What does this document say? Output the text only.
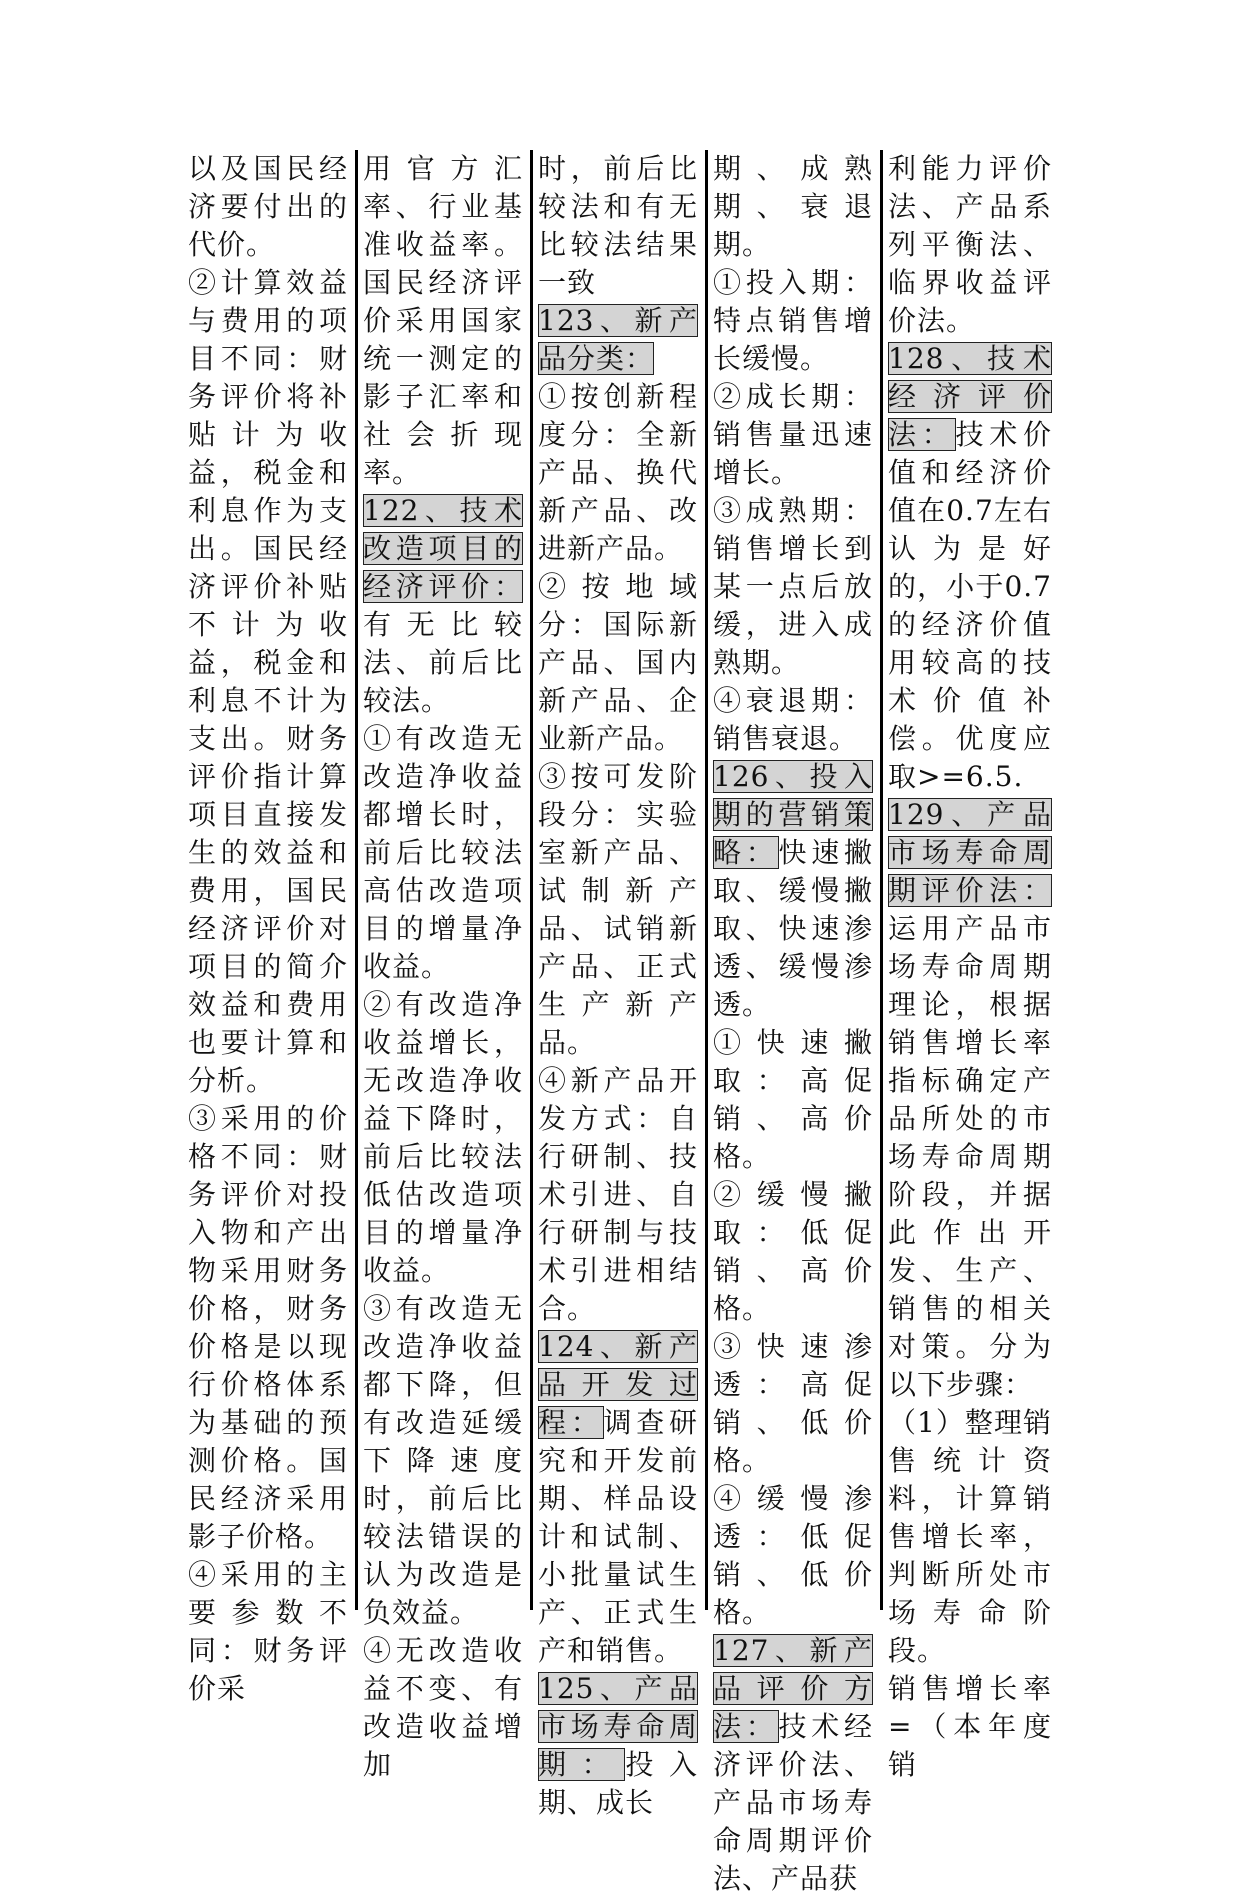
以及国民经济要付出的代价。

②计算效益与费用的项目不同：财务评价将补贴计为收益，税金和利息作为支出。国民经济评价补贴不计为收益，税金和利息不计为支出。财务评价指计算项目直接发生的效益和费用，国民经济评价对项目的简介效益和费用也要计算和分析。

③采用的价格不同：财务评价对投入物和产出物采用财务价格，财务价格是以现行价格体系为基础的预测价格。国民经济采用影子价格。

④采用的主要参数不同：财务评价采

用官方汇率、行业基准收益率。国民经济评价采用国家统一测定的影子汇率和社会折现率。

122、技术改造项目的经济评价：有无比较法、前后比较法。

①有改造无改造净收益都增长时，前后比较法高估改造项目的增量净收益。

②有改造净收益增长，无改造净收益下降时，前后比较法低估改造项目的增量净收益。

③有改造无改造净收益都下降，但有改造延缓下降速度时，前后比较法错误的认为改造是负效益。

④无改造收益不变、有改造收益增加

时，前后比较法和有无比较法结果一致

123、新产品分类：

①按创新程度分：全新产品、换代新产品、改进新产品。

②按地域分：国际新产品、国内新产品、企业新产品。

③按可发阶段分：实验室新产品、试制新产品、试销新产品、正式生产新产品。

④新产品开发方式：自行研制、技术引进、自行研制与技术引进相结合。

124、新产品开发过程：调查研究和开发前期、样品设计和试制、小批量试生产、正式生产和销售。

125、产品市场寿命周期：投入期、成长

期、成熟期、衰退期。

①投入期：特点销售增长缓慢。

②成长期：销售量迅速增长。

③成熟期：销售增长到某一点后放缓，进入成熟期。

④衰退期：销售衰退。

126、投入期的营销策略：快速撇取、缓慢撇取、快速渗透、缓慢渗透。

①快速撇取：高促销、高价格。

②缓慢撇取：低促销、高价格。

③快速渗透：高促销、低价格。

④缓慢渗透：低促销、低价格。

127、新产品评价方法：技术经济评价法、产品市场寿命周期评价法、产品获

利能力评价法、产品系列平衡法、临界收益评价法。

128、技术经济评价法：技术价值和经济价值在0.7左右认为是好的，小于0.7的经济价值用较高的技术价值补偿。优度应取>=6.5.

129、产品市场寿命周期评价法：运用产品市场寿命周期理论，根据销售增长率指标确定产品所处的市场寿命周期阶段，并据此作出开发、生产、销售的相关对策。分为以下步骤：

（1）整理销售统计资料，计算销售增长率，判断所处市场寿命阶段。

销售增长率=（本年度销
